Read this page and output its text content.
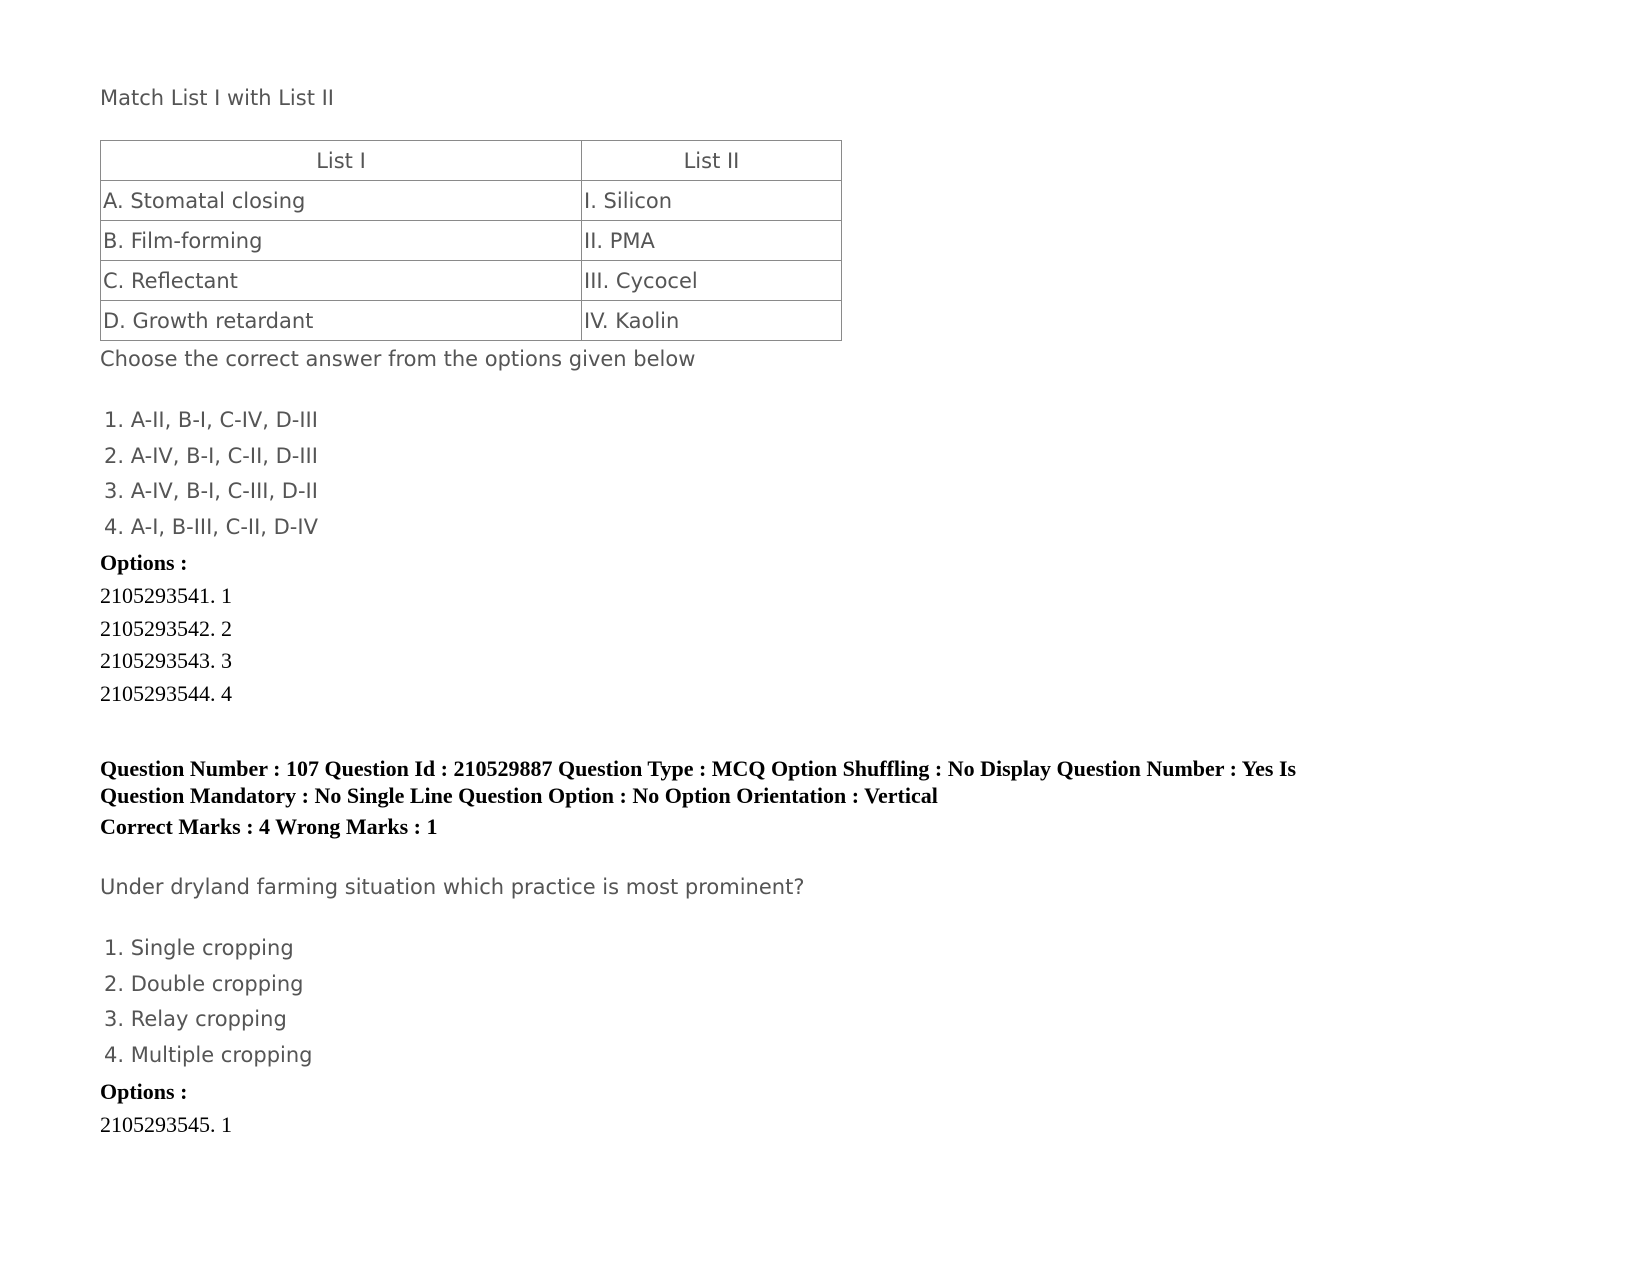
Match List I with List II
List I	List II
A. Stomatal closing	I. Silicon
B. Film-forming	II. PMA
C. Reflectant	III. Cycocel
D. Growth retardant	IV. Kaolin
Choose the correct answer from the options given below
1. A-II, B-I, C-IV, D-III
2. A-IV, B-I, C-II, D-III
3. A-IV, B-I, C-III, D-II
4. A-I, B-III, C-II, D-IV
Options :
2105293541. 1
2105293542. 2
2105293543. 3
2105293544. 4
Question Number : 107 Question Id : 210529887 Question Type : MCQ Option Shuffling : No Display Question Number : Yes Is
Question Mandatory : No Single Line Question Option : No Option Orientation : Vertical
Correct Marks : 4 Wrong Marks : 1
Under dryland farming situation which practice is most prominent?
1. Single cropping
2. Double cropping
3. Relay cropping
4. Multiple cropping
Options :
2105293545. 1
